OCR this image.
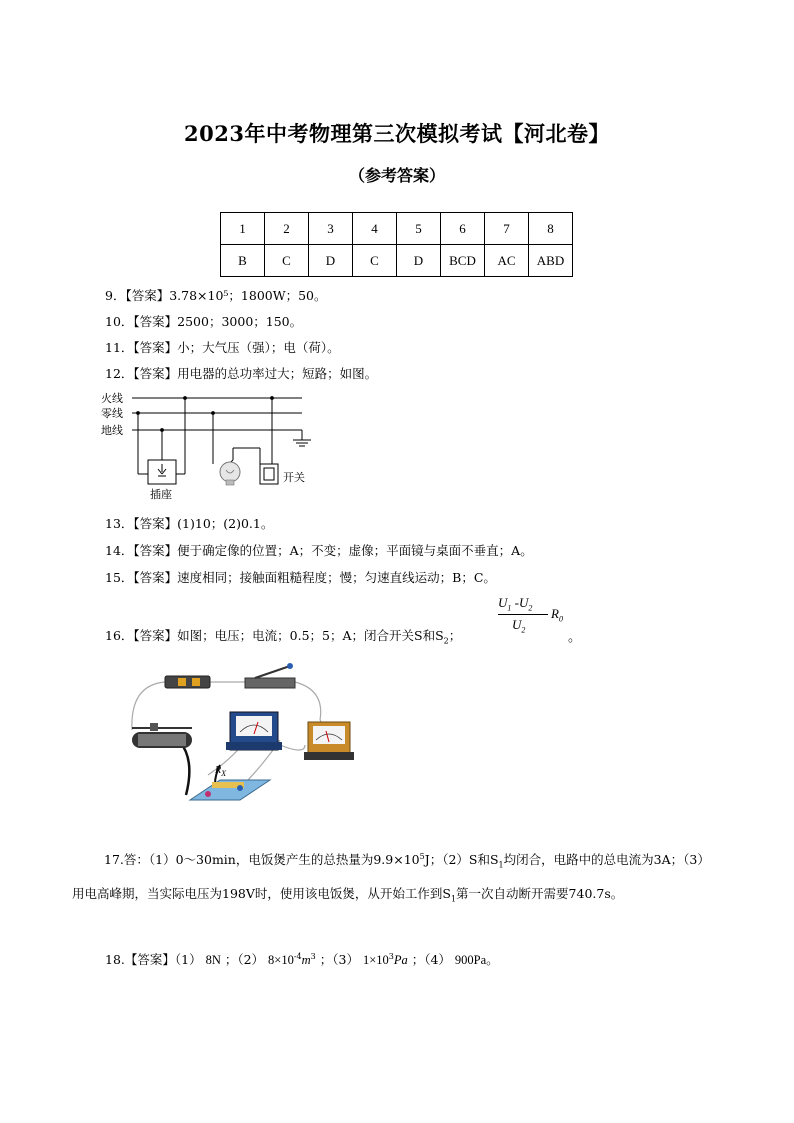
2023年中考物理第三次模拟考试【河北卷】
（参考答案）
1	2	3	4	5	6	7	8
B	C	D	C	D	BCD	AC	ABD
9．【答案】3.78×10⁵；1800W；50。
10．【答案】2500；3000；150。
11．【答案】小；大气压（强）；电（荷）。
12．【答案】用电器的总功率过大；短路；如图。
火线
零线
地线
插座
开关
13．【答案】(1)10；(2)0.1。
14．【答案】便于确定像的位置；A；不变；虚像；平面镜与桌面不垂直；A。
15．【答案】速度相同；接触面粗糙程度；慢；匀速直线运动；B；C。
16．【答案】如图；电压；电流；0.5；5；A；闭合开关S和$S_2$；
$U_1$ $-U_2$
$U_2$
$R_0$
。
$R_X$
17.答：（1）0～30min，电饭煲产生的总热量为$9.9\times 10^5J$；（2）S和$S_1$均闭合，电路中的总电流为3A；（3）用电高峰期，当实际电压为198V时，使用该电饭煲，从开始工作到$S_1$第一次自动断开需要740.7s。
18.【答案】（1） 8N ；（2） $8\times 10^{-4}m^3$ ；（3） $1\times 10^3Pa$ ；（4） 900Pa。
